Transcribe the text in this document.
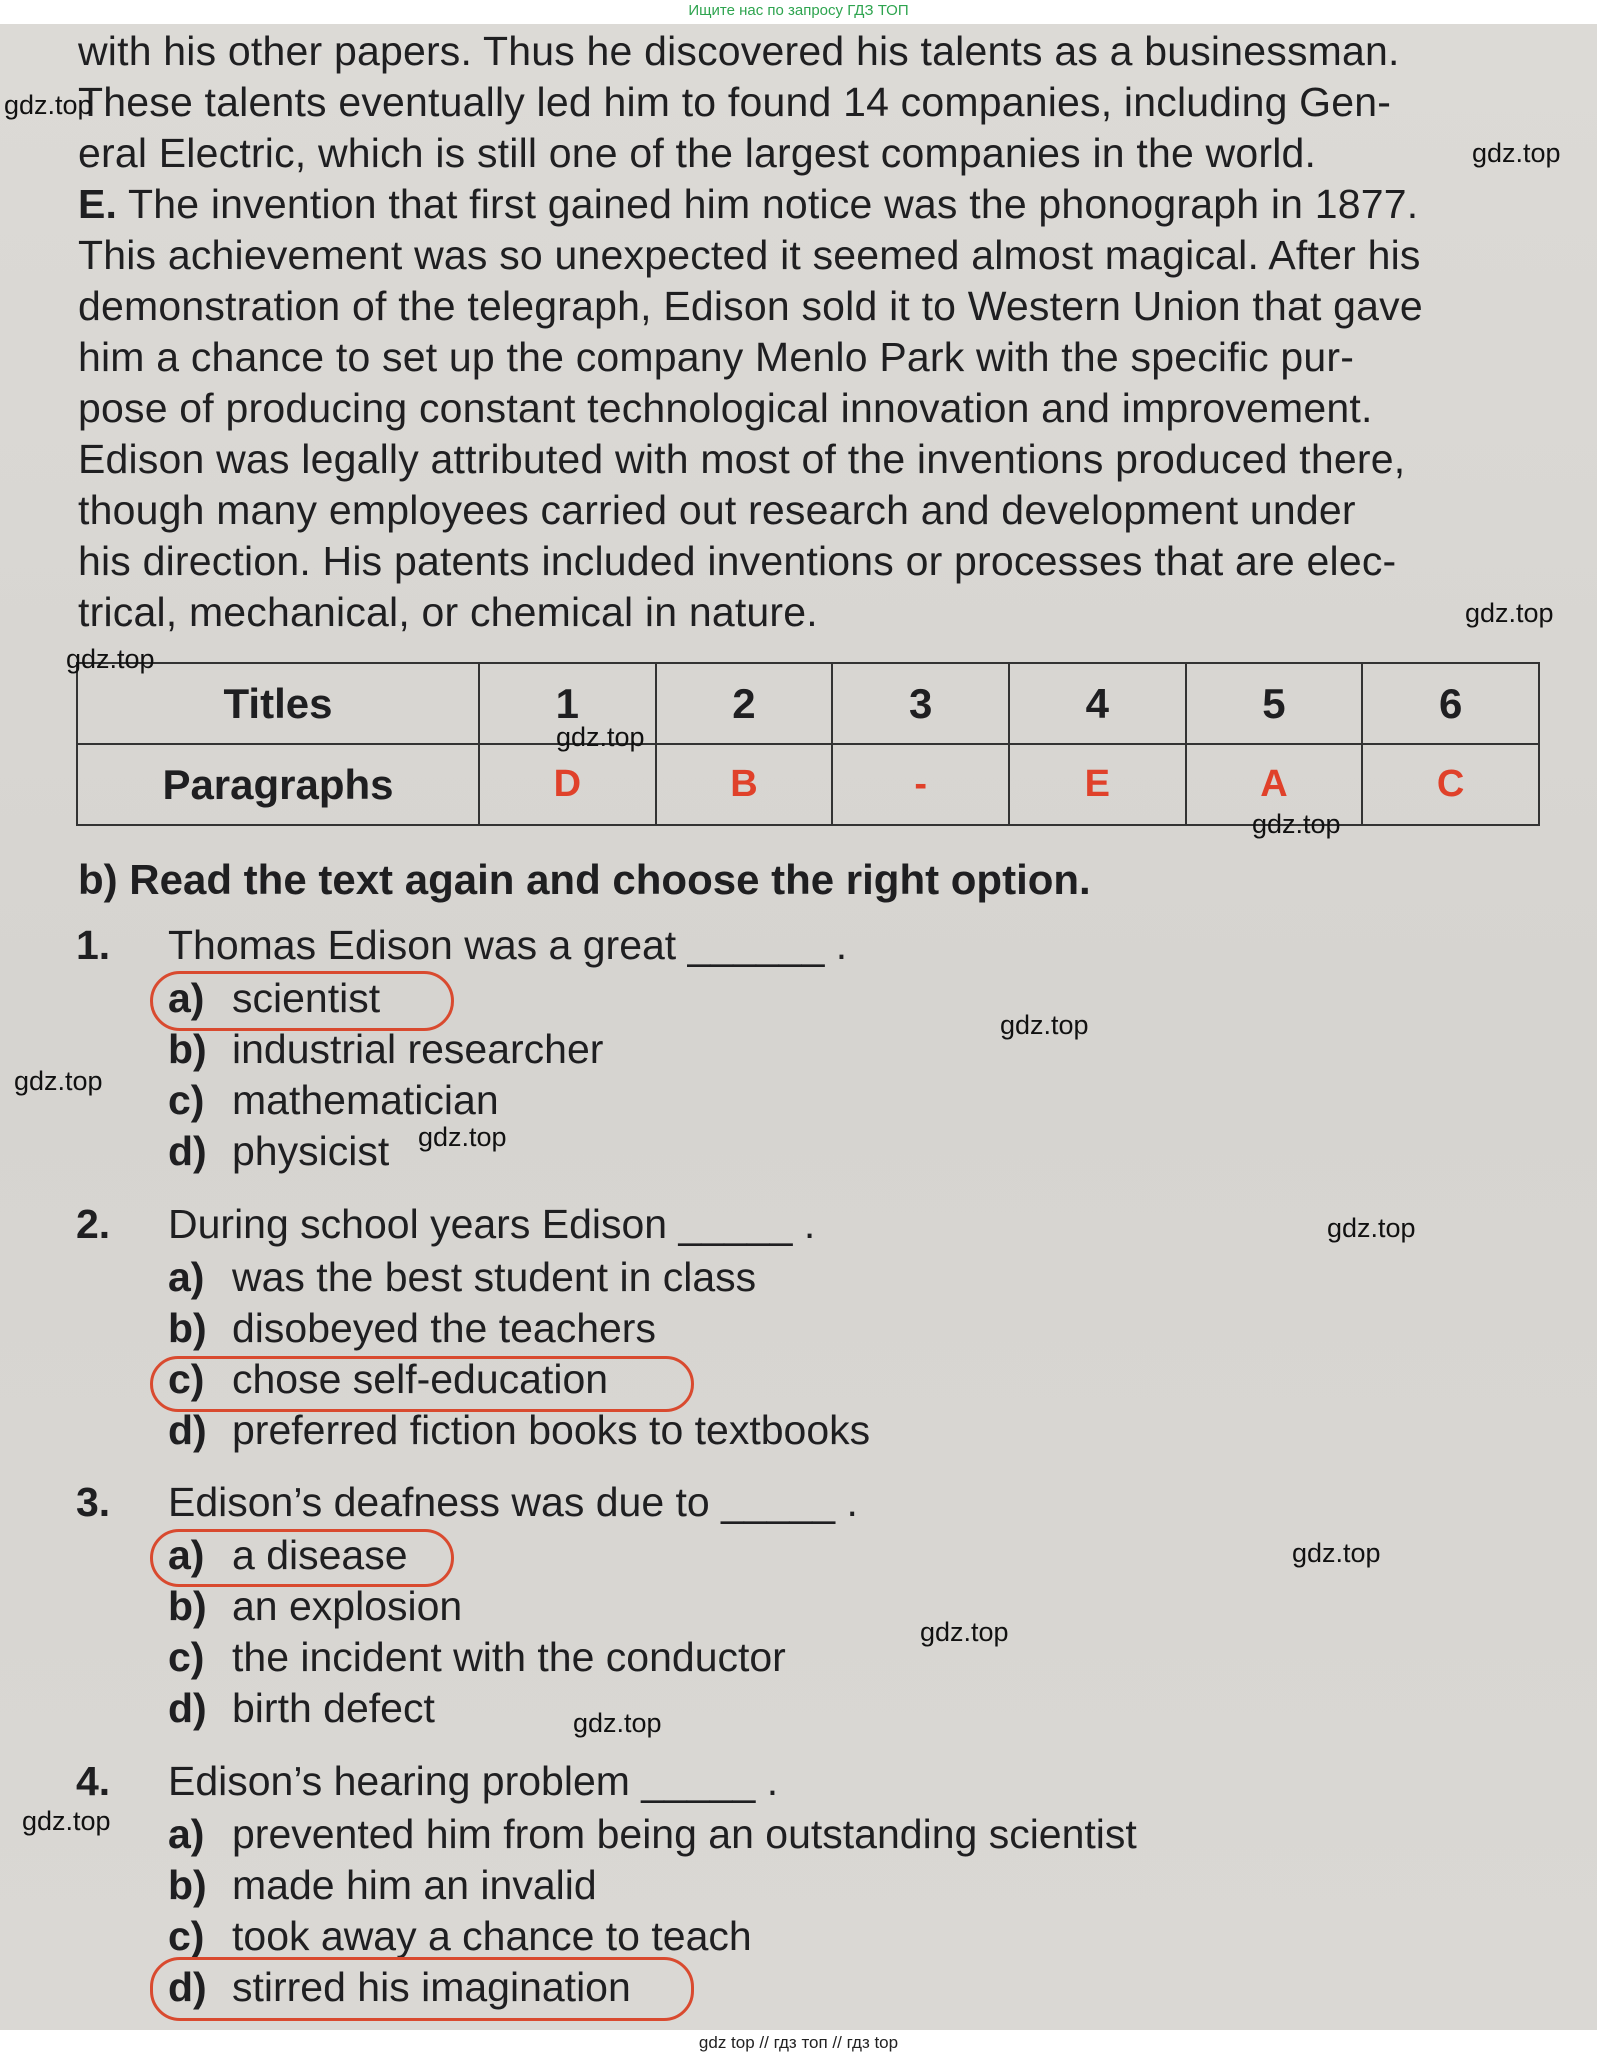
Ищите нас по запросу ГДЗ ТОП
with his other papers. Thus he discovered his talents as a businessman.
These talents eventually led him to found 14 companies, including Gen-
eral Electric, which is still one of the largest companies in the world.
E. The invention that first gained him notice was the phonograph in 1877.
This achievement was so unexpected it seemed almost magical. After his
demonstration of the telegraph, Edison sold it to Western Union that gave
him a chance to set up the company Menlo Park with the specific pur-
pose of producing constant technological innovation and improvement.
Edison was legally attributed with most of the inventions produced there,
though many employees carried out research and development under
his direction. His patents included inventions or processes that are elec-
trical, mechanical, or chemical in nature.
Titles	1	2	3	4	5	6
Paragraphs	D	B	-	E	A	C
b) Read the text again and choose the right option.
1. Thomas Edison was a great ______ .
a) scientist
b) industrial researcher
c) mathematician
d) physicist
2. During school years Edison _____ .
a) was the best student in class
b) disobeyed the teachers
c) chose self-education
d) preferred fiction books to textbooks
3. Edison’s deafness was due to _____ .
a) a disease
b) an explosion
c) the incident with the conductor
d) birth defect
4. Edison’s hearing problem _____ .
a) prevented him from being an outstanding scientist
b) made him an invalid
c) took away a chance to teach
d) stirred his imagination
gdz.top
gdz.top
gdz.top
gdz.top
gdz.top
gdz.top
gdz.top
gdz.top
gdz.top
gdz.top
gdz.top
gdz.top
gdz.top
gdz.top
gdz top // гдз топ // гдз top
